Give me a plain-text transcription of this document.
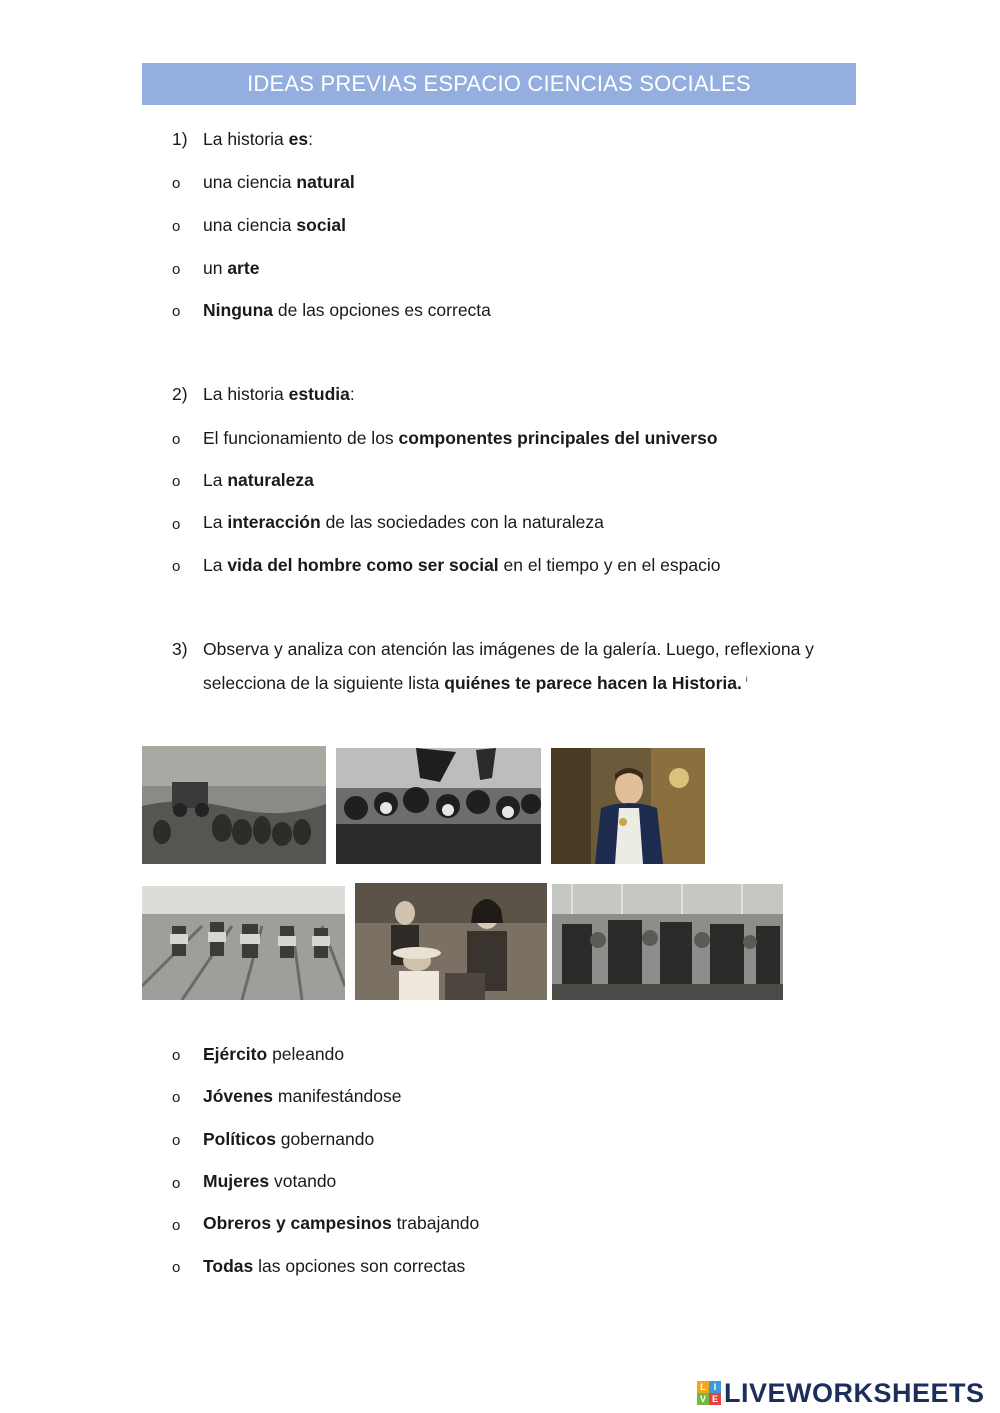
IDEAS PREVIAS ESPACIO CIENCIAS SOCIALES
1) La historia es:
o una ciencia natural
o una ciencia social
o un arte
o Ninguna de las opciones es correcta
2) La historia estudia:
o El funcionamiento de los componentes principales del universo
o La naturaleza
o La interacción de las sociedades con la naturaleza
o La vida del hombre como ser social en el tiempo y en el espacio
3) Observa y analiza con atención las imágenes de la galería. Luego, reflexiona y
selecciona de la siguiente lista quiénes te parece hacen la Historia. $^i$
o Ejército peleando
o Jóvenes manifestándose
o Políticos gobernando
o Mujeres votando
o Obreros y campesinos trabajando
o Todas las opciones son correctas
L I
V E LIVEWORKSHEETS
